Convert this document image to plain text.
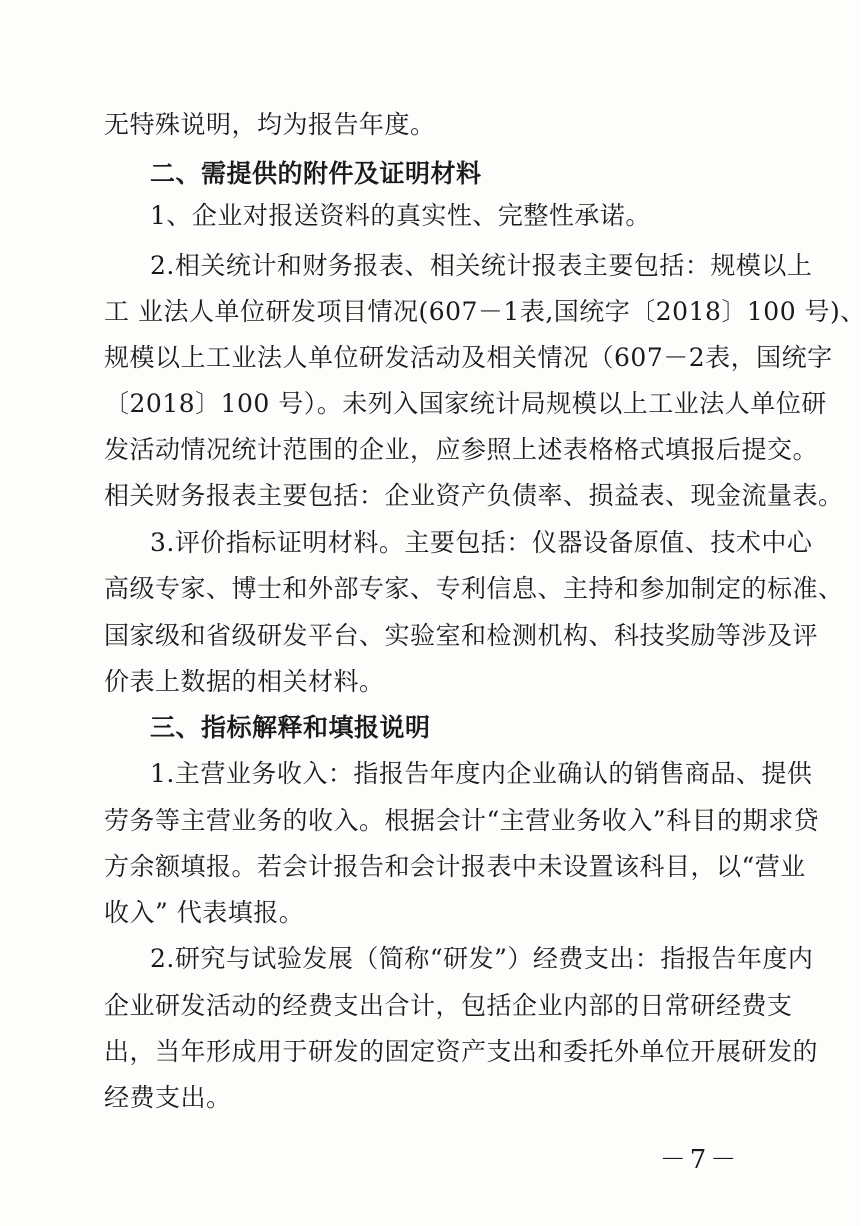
无特殊说明，均为报告年度。
二、需提供的附件及证明材料
1、企业对报送资料的真实性、完整性承诺。
2.相关统计和财务报表、相关统计报表主要包括：规模以上
工 业法人单位研发项目情况(607－1表,国统字〔2018〕100 号)、
规模以上工业法人单位研发活动及相关情况（607－2表，国统字
〔2018〕100 号）。未列入国家统计局规模以上工业法人单位研
发活动情况统计范围的企业，应参照上述表格格式填报后提交。
相关财务报表主要包括：企业资产负债率、损益表、现金流量表。
3.评价指标证明材料。主要包括：仪器设备原值、技术中心
高级专家、博士和外部专家、专利信息、主持和参加制定的标准、
国家级和省级研发平台、实验室和检测机构、科技奖励等涉及评
价表上数据的相关材料。
三、指标解释和填报说明
1.主营业务收入：指报告年度内企业确认的销售商品、提供
劳务等主营业务的收入。根据会计“主营业务收入”科目的期求贷
方余额填报。若会计报告和会计报表中未设置该科目，以“营业
收入” 代表填报。
2.研究与试验发展（简称“研发”）经费支出：指报告年度内
企业研发活动的经费支出合计，包括企业内部的日常研经费支
出，当年形成用于研发的固定资产支出和委托外单位开展研发的
经费支出。
－7－
